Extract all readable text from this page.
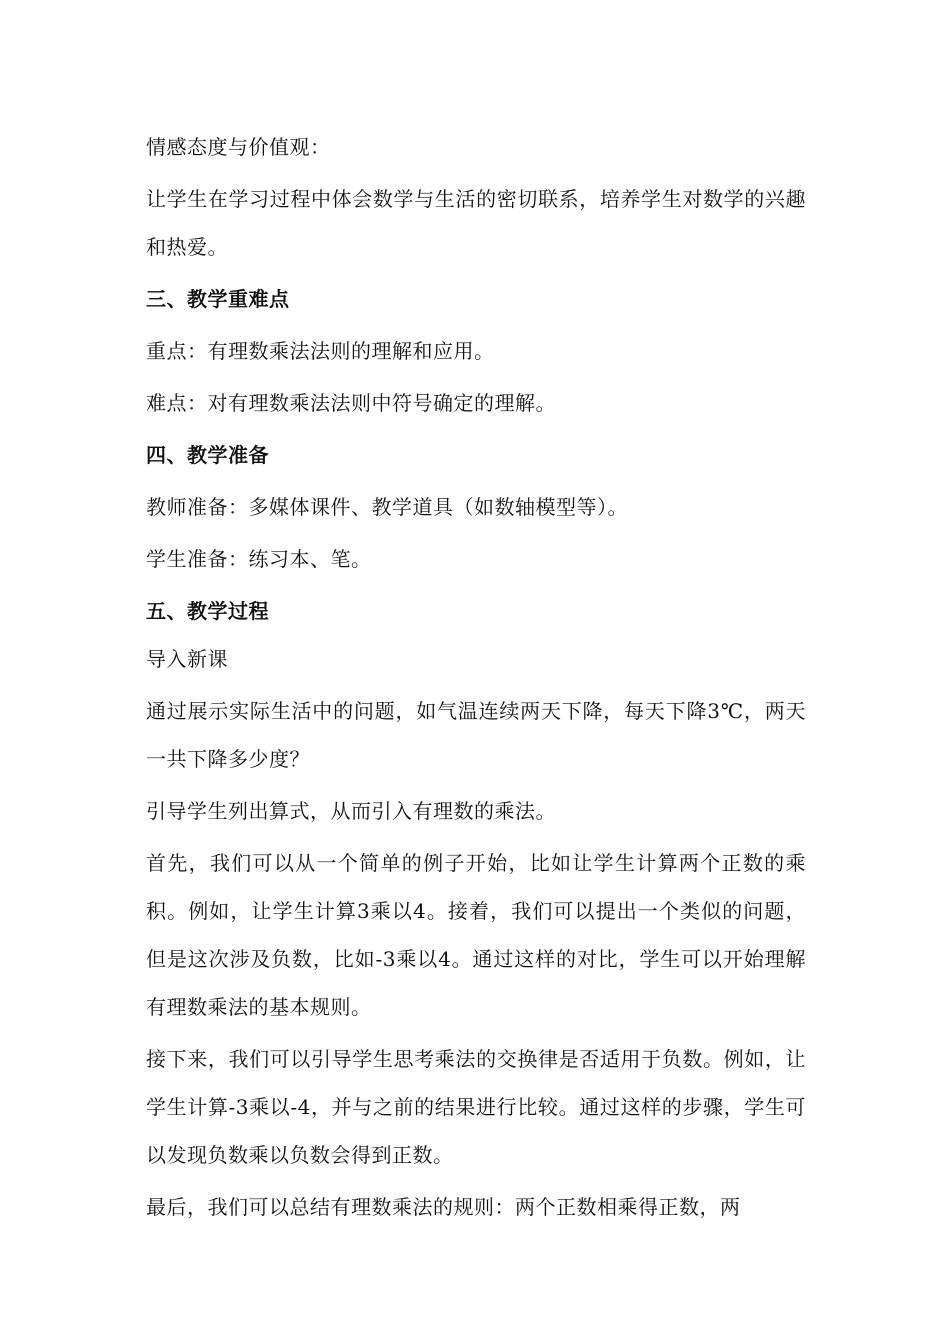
情感态度与价值观：

让学生在学习过程中体会数学与生活的密切联系，培养学生对数学的兴趣和热爱。

三、教学重难点

重点：有理数乘法法则的理解和应用。

难点：对有理数乘法法则中符号确定的理解。

四、教学准备

教师准备：多媒体课件、教学道具（如数轴模型等）。

学生准备：练习本、笔。

五、教学过程

导入新课

通过展示实际生活中的问题，如气温连续两天下降，每天下降3℃，两天一共下降多少度？

引导学生列出算式，从而引入有理数的乘法。

首先，我们可以从一个简单的例子开始，比如让学生计算两个正数的乘积。例如，让学生计算3乘以4。接着，我们可以提出一个类似的问题，但是这次涉及负数，比如-3乘以4。通过这样的对比，学生可以开始理解有理数乘法的基本规则。

接下来，我们可以引导学生思考乘法的交换律是否适用于负数。例如，让学生计算-3乘以-4，并与之前的结果进行比较。通过这样的步骤，学生可以发现负数乘以负数会得到正数。

最后，我们可以总结有理数乘法的规则：两个正数相乘得正数，两
